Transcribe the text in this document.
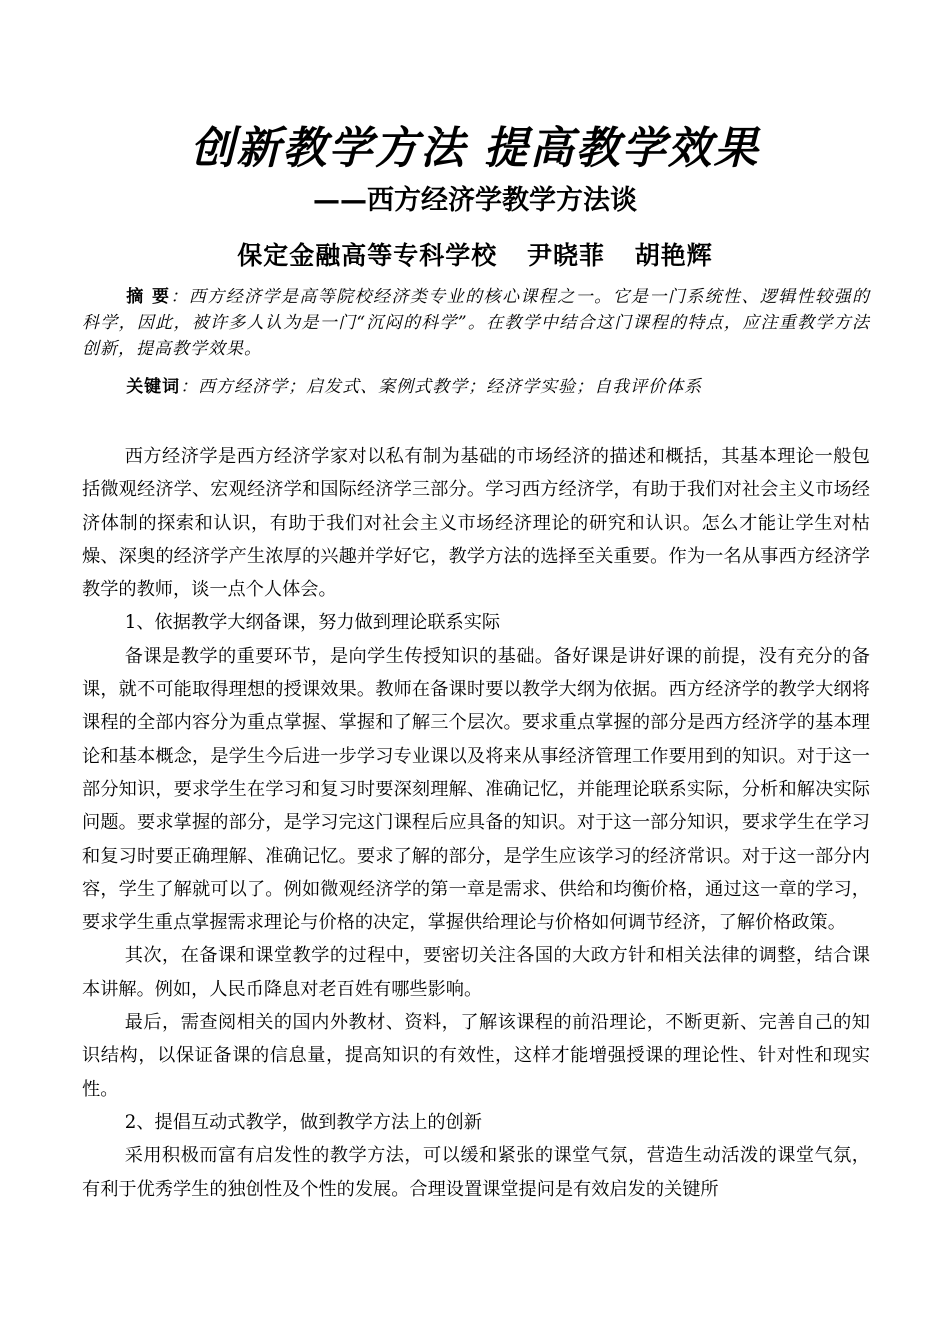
创新教学方法 提高教学效果
——西方经济学教学方法谈
保定金融高等专科学校 尹晓菲 胡艳辉
摘 要：西方经济学是高等院校经济类专业的核心课程之一。它是一门系统性、逻辑性较强的科学，因此，被许多人认为是一门“沉闷的科学”。在教学中结合这门课程的特点，应注重教学方法创新，提高教学效果。
关键词：西方经济学；启发式、案例式教学；经济学实验；自我评价体系

西方经济学是西方经济学家对以私有制为基础的市场经济的描述和概括，其基本理论一般包括微观经济学、宏观经济学和国际经济学三部分。学习西方经济学，有助于我们对社会主义市场经济体制的探索和认识，有助于我们对社会主义市场经济理论的研究和认识。怎么才能让学生对枯燥、深奥的经济学产生浓厚的兴趣并学好它，教学方法的选择至关重要。作为一名从事西方经济学教学的教师，谈一点个人体会。

1、依据教学大纲备课，努力做到理论联系实际

备课是教学的重要环节，是向学生传授知识的基础。备好课是讲好课的前提，没有充分的备课，就不可能取得理想的授课效果。教师在备课时要以教学大纲为依据。西方经济学的教学大纲将课程的全部内容分为重点掌握、掌握和了解三个层次。要求重点掌握的部分是西方经济学的基本理论和基本概念，是学生今后进一步学习专业课以及将来从事经济管理工作要用到的知识。对于这一部分知识，要求学生在学习和复习时要深刻理解、准确记忆，并能理论联系实际，分析和解决实际问题。要求掌握的部分，是学习完这门课程后应具备的知识。对于这一部分知识，要求学生在学习和复习时要正确理解、准确记忆。要求了解的部分，是学生应该学习的经济常识。对于这一部分内容，学生了解就可以了。例如微观经济学的第一章是需求、供给和均衡价格，通过这一章的学习，要求学生重点掌握需求理论与价格的决定，掌握供给理论与价格如何调节经济，了解价格政策。

其次，在备课和课堂教学的过程中，要密切关注各国的大政方针和相关法律的调整，结合课本讲解。例如，人民币降息对老百姓有哪些影响。

最后，需查阅相关的国内外教材、资料，了解该课程的前沿理论，不断更新、完善自己的知识结构，以保证备课的信息量，提高知识的有效性，这样才能增强授课的理论性、针对性和现实性。

2、提倡互动式教学，做到教学方法上的创新

采用积极而富有启发性的教学方法，可以缓和紧张的课堂气氛，营造生动活泼的课堂气氛，有利于优秀学生的独创性及个性的发展。合理设置课堂提问是有效启发的关键所
